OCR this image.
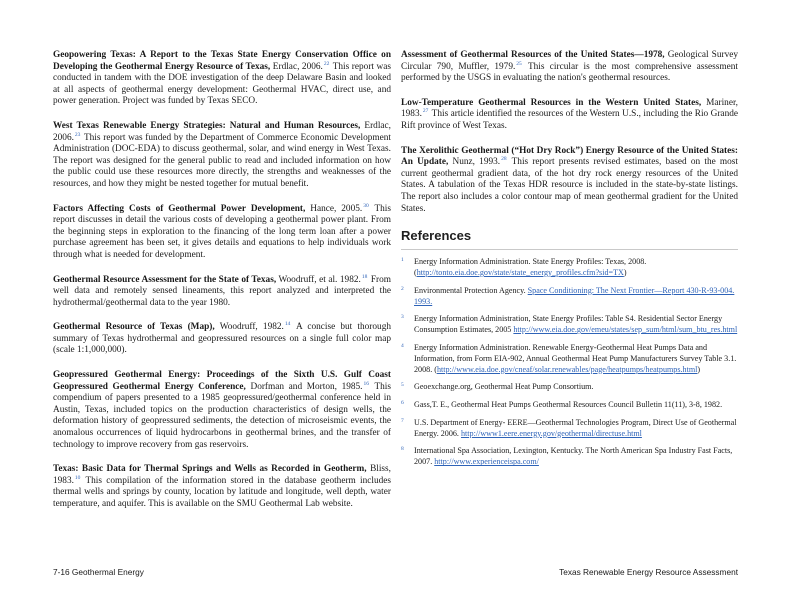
Geopowering Texas: A Report to the Texas State Energy Conservation Office on Developing the Geothermal Energy Resource of Texas, Erdlac, 2006.22 This report was conducted in tandem with the DOE investigation of the deep Delaware Basin and looked at all aspects of geothermal energy development: Geothermal HVAC, direct use, and power generation. Project was funded by Texas SECO.

West Texas Renewable Energy Strategies: Natural and Human Resources, Erdlac, 2006.23 This report was funded by the Department of Commerce Economic Development Administration (DOC-EDA) to discuss geothermal, solar, and wind energy in West Texas. The report was designed for the general public to read and included information on how the public could use these resources more directly, the strengths and weaknesses of the resources, and how they might be nested together for mutual benefit.

Factors Affecting Costs of Geothermal Power Development, Hance, 2005.30 This report discusses in detail the various costs of developing a geothermal power plant. From the beginning steps in exploration to the financing of the long term loan after a power purchase agreement has been set, it gives details and equations to help individuals work through what is needed for development.

Geothermal Resource Assessment for the State of Texas, Woodruff, et al. 1982.18 From well data and remotely sensed lineaments, this report analyzed and interpreted the hydrothermal/geothermal data to the year 1980.

Geothermal Resource of Texas (Map), Woodruff, 1982.14 A concise but thorough summary of Texas hydrothermal and geopressured resources on a single full color map (scale 1:1,000,000).

Geopressured Geothermal Energy: Proceedings of the Sixth U.S. Gulf Coast Geopressured Geothermal Energy Conference, Dorfman and Morton, 1985.16 This compendium of papers presented to a 1985 geopressured/geothermal conference held in Austin, Texas, included topics on the production characteristics of design wells, the deformation history of geopressured sediments, the detection of microseismic events, the anomalous occurrences of liquid hydrocarbons in geothermal brines, and the transfer of technology to improve recovery from gas reservoirs.

Texas: Basic Data for Thermal Springs and Wells as Recorded in Geotherm, Bliss, 1983.10 This compilation of the information stored in the database geotherm includes thermal wells and springs by county, location by latitude and longitude, well depth, water temperature, and aquifer. This is available on the SMU Geothermal Lab website.

Assessment of Geothermal Resources of the United States—1978, Geological Survey Circular 790, Muffler, 1979.25 This circular is the most comprehensive assessment performed by the USGS in evaluating the nation's geothermal resources.

Low-Temperature Geothermal Resources in the Western United States, Mariner, 1983.27 This article identified the resources of the Western U.S., including the Rio Grande Rift province of West Texas.

The Xerolithic Geothermal (“Hot Dry Rock”) Energy Resource of the United States: An Update, Nunz, 1993.28 This report presents revised estimates, based on the most current geothermal gradient data, of the hot dry rock energy resources of the United States. A tabulation of the Texas HDR resource is included in the state-by-state listings. The report also includes a color contour map of mean geothermal gradient for the United States.

References
1 Energy Information Administration. State Energy Profiles: Texas, 2008. (http://tonto.eia.doe.gov/state/state_energy_profiles.cfm?sid=TX)
2 Environmental Protection Agency. Space Conditioning: The Next Frontier—Report 430-R-93-004. 1993.
3 Energy Information Administration, State Energy Profiles: Table S4. Residential Sector Energy Consumption Estimates, 2005 http://www.eia.doe.gov/emeu/states/sep_sum/html/sum_btu_res.html
4 Energy Information Administration. Renewable Energy-Geothermal Heat Pumps Data and Information, from Form EIA-902, Annual Geothermal Heat Pump Manufacturers Survey Table 3.1. 2008. (http://www.eia.doe.gov/cneaf/solar.renewables/page/heatpumps/heatpumps.html)
5 Geoexchange.org, Geothermal Heat Pump Consortium.
6 Gass,T. E., Geothermal Heat Pumps Geothermal Resources Council Bulletin 11(11), 3-8, 1982.
7 U.S. Department of Energy- EERE—Geothermal Technologies Program, Direct Use of Geothermal Energy. 2006. http://www1.eere.energy.gov/geothermal/directuse.html
8 International Spa Association, Lexington, Kentucky. The North American Spa Industry Fast Facts, 2007. http://www.experienceispa.com/
7-16 Geothermal Energy	Texas Renewable Energy Resource Assessment
